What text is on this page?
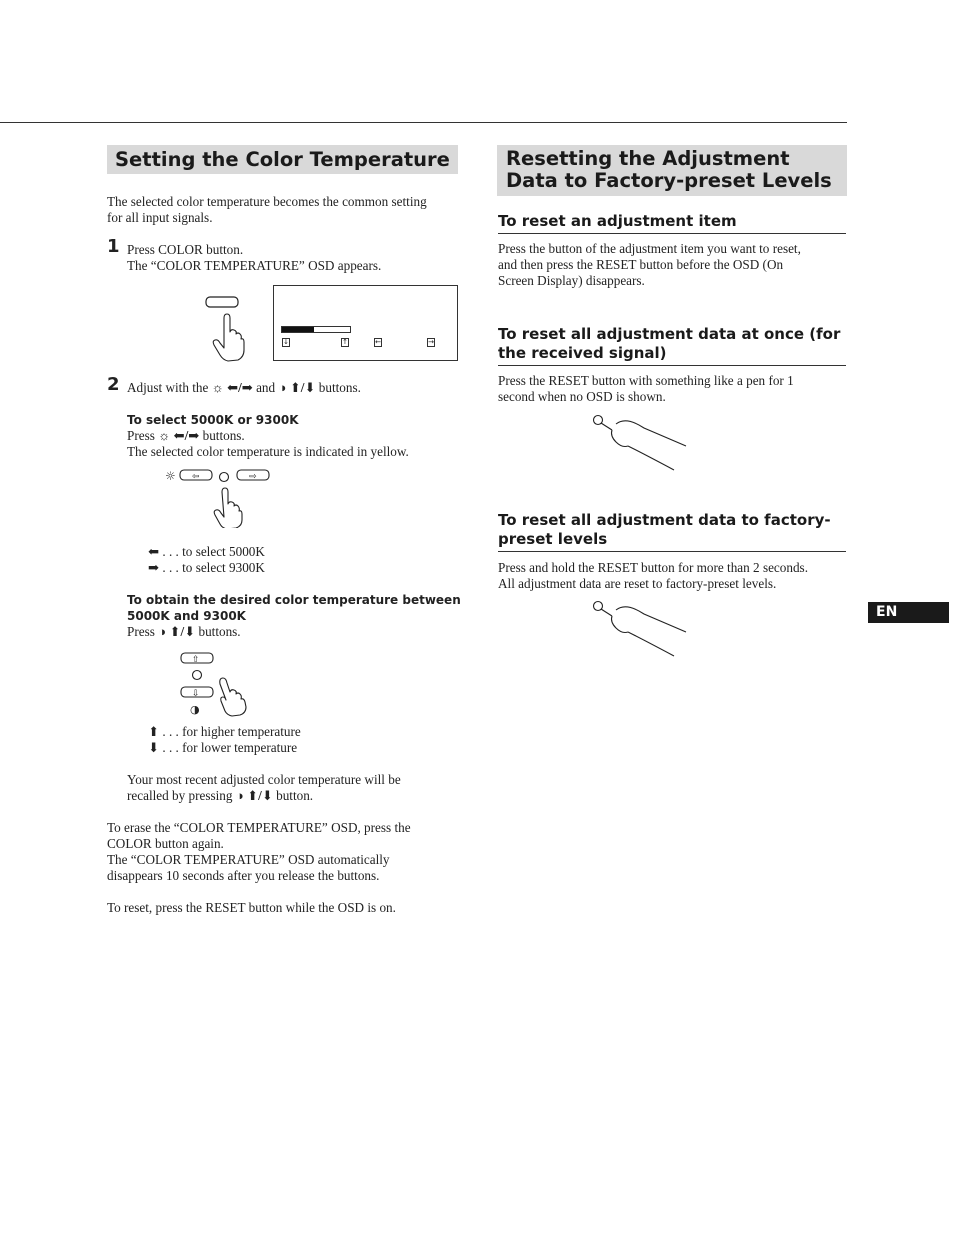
Setting the Color Temperature
The selected color temperature becomes the common setting
for all input signals.
1 Press COLOR button.
The “COLOR TEMPERATURE” OSD appears.
↓	↑	←	→
2 Adjust with the ☼ ⬅/➡ and ◑ ⬆/⬇ buttons.
To select 5000K or 9300K
Press ☼ ⬅/➡ buttons.
The selected color temperature is indicated in yellow.
☼ ⇦	⇨
⬅ . . . to select 5000K
➡ . . . to select 9300K
To obtain the desired color temperature between
5000K and 9300K
Press ◑ ⬆/⬇ buttons.
⇧
⇩
◑
⬆ . . . for higher temperature
⬇ . . . for lower temperature
Your most recent adjusted color temperature will be
recalled by pressing ◑ ⬆/⬇ button.
To erase the “COLOR TEMPERATURE” OSD, press the
COLOR button again.
The “COLOR TEMPERATURE” OSD automatically
disappears 10 seconds after you release the buttons.
To reset, press the RESET button while the OSD is on.
Resetting the Adjustment
Data to Factory-preset Levels
To reset an adjustment item
Press the button of the adjustment item you want to reset,
and then press the RESET button before the OSD (On
Screen Display) disappears.
To reset all adjustment data at once (for
the received signal)
Press the RESET button with something like a pen for 1
second when no OSD is shown.
To reset all adjustment data to factory-
preset levels
Press and hold the RESET button for more than 2 seconds.
All adjustment data are reset to factory-preset levels.
EN
